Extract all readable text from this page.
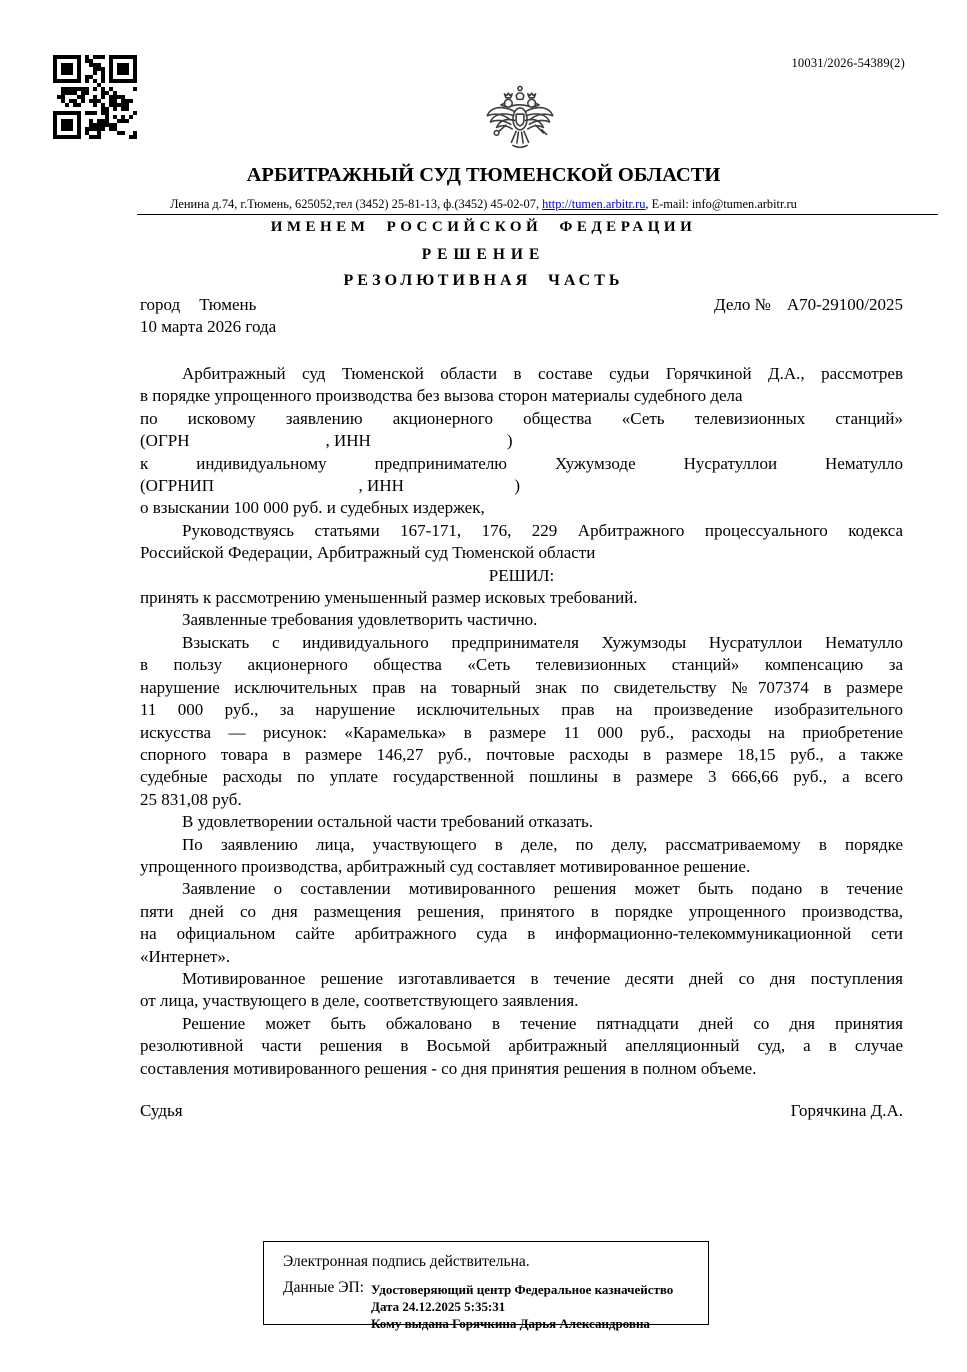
10031/2026-54389(2)
АРБИТРАЖНЫЙ СУД ТЮМЕНСКОЙ ОБЛАСТИ
Ленина д.74, г.Тюмень, 625052,тел (3452) 25-81-13, ф.(3452) 45-02-07, http://tumen.arbitr.ru, E-mail: info@tumen.arbitr.ru
ИМЕНЕМ РОССИЙСКОЙ ФЕДЕРАЦИИ
РЕШЕНИЕ
РЕЗОЛЮТИВНАЯ ЧАСТЬ
город Тюмень	Дело № А70-29100/2025
10 марта 2026 года
Арбитражный суд Тюменской области в составе судьи Горячкиной Д.А., рассмотрев
в порядке упрощенного производства без вызова сторон материалы судебного дела
по исковому заявлению акционерного общества «Сеть телевизионных станций»
(ОГРН                                , ИНН                                )
к индивидуальному предпринимателю Хужумзоде Нусратуллои Нематулло
(ОГРНИП                                  , ИНН                          )
о взыскании 100 000 руб. и судебных издержек,
Руководствуясь статьями 167-171, 176, 229 Арбитражного процессуального кодекса
Российской Федерации, Арбитражный суд Тюменской области
РЕШИЛ:
принять к рассмотрению уменьшенный размер исковых требований.
Заявленные требования удовлетворить частично.
Взыскать с индивидуального предпринимателя Хужумзоды Нусратуллои Нематулло
в пользу акционерного общества «Сеть телевизионных станций» компенсацию за
нарушение исключительных прав на товарный знак по свидетельству №707374 в размере
11 000 руб., за нарушение исключительных прав на произведение изобразительного
искусства — рисунок: «Карамелька» в размере 11 000 руб., расходы на приобретение
спорного товара в размере 146,27 руб., почтовые расходы в размере 18,15 руб., а также
судебные расходы по уплате государственной пошлины в размере 3 666,66 руб., а всего
25 831,08 руб.
В удовлетворении остальной части требований отказать.
По заявлению лица, участвующего в деле, по делу, рассматриваемому в порядке
упрощенного производства, арбитражный суд составляет мотивированное решение.
Заявление о составлении мотивированного решения может быть подано в течение
пяти дней со дня размещения решения, принятого в порядке упрощенного производства,
на официальном сайте арбитражного суда в информационно-телекоммуникационной сети
«Интернет».
Мотивированное решение изготавливается в течение десяти дней со дня поступления
от лица, участвующего в деле, соответствующего заявления.
Решение может быть обжаловано в течение пятнадцати дней со дня принятия
резолютивной части решения в Восьмой арбитражный апелляционный суд, а в случае
составления мотивированного решения - со дня принятия решения в полном объеме.
Судья	Горячкина Д.А.
Электронная подпись действительна.
Данные ЭП: Удостоверяющий центр Федеральное казначейство
Дата 24.12.2025 5:35:31
Кому выдана Горячкина Дарья Александровна
